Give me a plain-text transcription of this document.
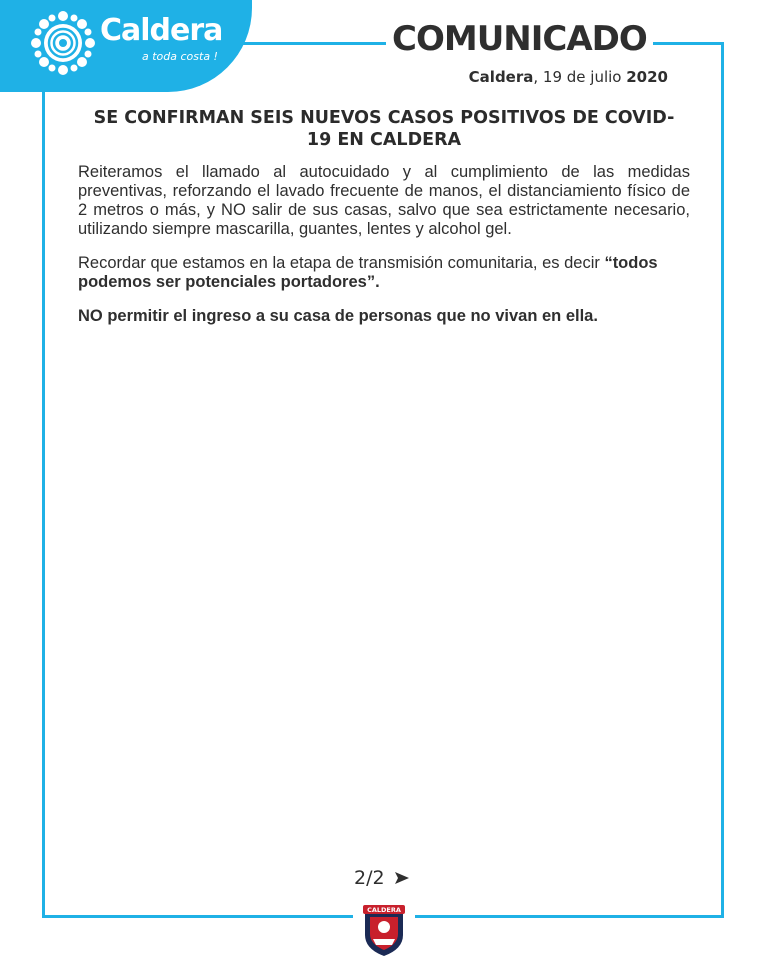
Caldera
a toda costa !	COMUNICADO
Caldera, 19 de julio 2020
SE CONFIRMAN SEIS NUEVOS CASOS POSITIVOS DE COVID-19 EN CALDERA

Reiteramos el llamado al autocuidado y al cumplimiento de las medidas preventivas, reforzando el lavado frecuente de manos, el distanciamiento físico de 2 metros o más, y NO salir de sus casas, salvo que sea estrictamente necesario, utilizando siempre mascarilla, guantes, lentes y alcohol gel.

Recordar que estamos en la etapa de transmisión comunitaria, es decir “todos podemos ser potenciales portadores”.

NO permitir el ingreso a su casa de personas que no vivan en ella.

2/2
CALDERA
